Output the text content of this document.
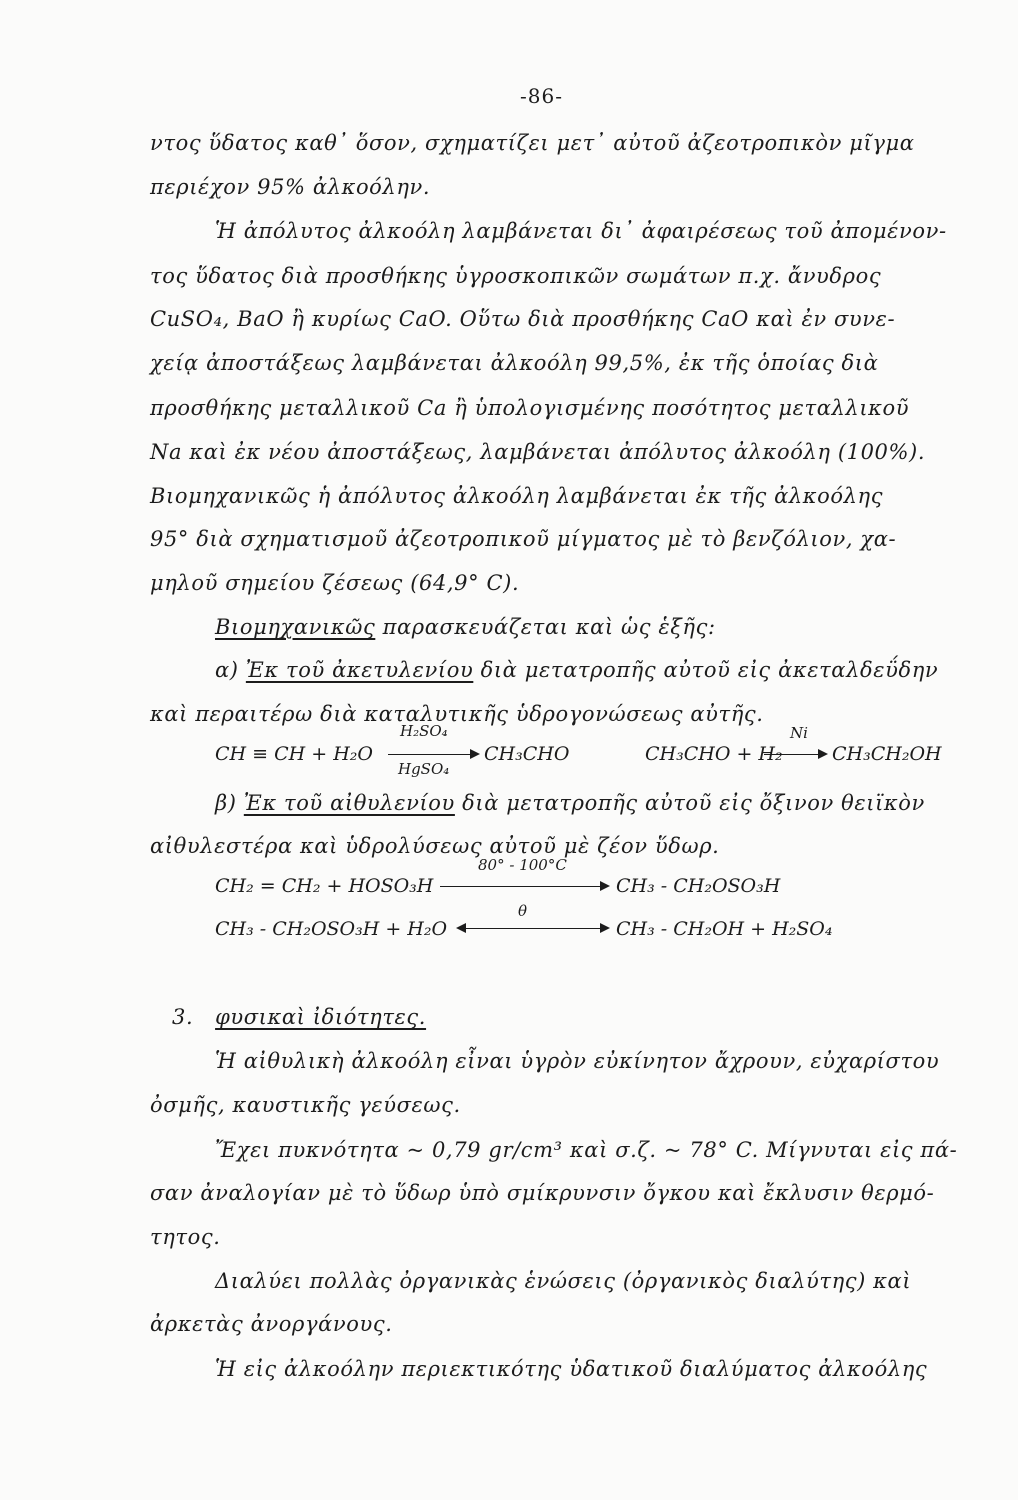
-86-
ντος ὕδατος καθ᾽ ὅσον, σχηματίζει μετ᾽ αὐτοῦ ἀζεοτροπικὸν μῖγμα
περιέχον 95% ἀλκοόλην.
Ἡ ἀπόλυτος ἀλκοόλη λαμβάνεται δι᾽ ἀφαιρέσεως τοῦ ἀπομένον-
τος ὕδατος διὰ προσθήκης ὑγροσκοπικῶν σωμάτων π.χ. ἄνυδρος
CuSO₄, BaO ἢ κυρίως CaO. Οὕτω διὰ προσθήκης CaO καὶ ἐν συνε-
χείᾳ ἀποστάξεως λαμβάνεται ἀλκοόλη 99,5%, ἐκ τῆς ὁποίας διὰ
προσθήκης μεταλλικοῦ Ca ἢ ὑπολογισμένης ποσότητος μεταλλικοῦ
Na καὶ ἐκ νέου ἀποστάξεως, λαμβάνεται ἀπόλυτος ἀλκοόλη (100%).
Βιομηχανικῶς ἡ ἀπόλυτος ἀλκοόλη λαμβάνεται ἐκ τῆς ἀλκοόλης
95° διὰ σχηματισμοῦ ἀζεοτροπικοῦ μίγματος μὲ τὸ βενζόλιον, χα-
μηλοῦ σημείου ζέσεως (64,9° C).
Βιομηχανικῶς παρασκευάζεται καὶ ὡς ἑξῆς:
α) Ἐκ τοῦ ἀκετυλενίου διὰ μετατροπῆς αὐτοῦ εἰς ἀκεταλδεΰδην
καὶ περαιτέρω διὰ καταλυτικῆς ὑδρογονώσεως αὐτῆς.
CH ≡ CH + H₂O
H₂SO₄
HgSO₄
CH₃CHO	CH₃CHO + H₂
Ni
CH₃CH₂OH
β) Ἐκ τοῦ αἰθυλενίου διὰ μετατροπῆς αὐτοῦ εἰς ὄξινον θειϊκὸν
αἰθυλεστέρα καὶ ὑδρολύσεως αὐτοῦ μὲ ζέον ὕδωρ.
CH₂ = CH₂ + HOSO₃H
80° - 100°C
CH₃ - CH₂OSO₃H
CH₃ - CH₂OSO₃H + H₂O
θ
CH₃ - CH₂OH + H₂SO₄
3. φυσικαὶ ἰδιότητες.
Ἡ αἰθυλικὴ ἀλκοόλη εἶναι ὑγρὸν εὐκίνητον ἄχρουν, εὐχαρίστου
ὀσμῆς, καυστικῆς γεύσεως.
Ἔχει πυκνότητα ~ 0,79 gr/cm³ καὶ σ.ζ. ~ 78° C. Μίγνυται εἰς πά-
σαν ἀναλογίαν μὲ τὸ ὕδωρ ὑπὸ σμίκρυνσιν ὄγκου καὶ ἔκλυσιν θερμό-
τητος.
Διαλύει πολλὰς ὀργανικὰς ἑνώσεις (ὀργανικὸς διαλύτης) καὶ
ἀρκετὰς ἀνοργάνους.
Ἡ εἰς ἀλκοόλην περιεκτικότης ὑδατικοῦ διαλύματος ἀλκοόλης
